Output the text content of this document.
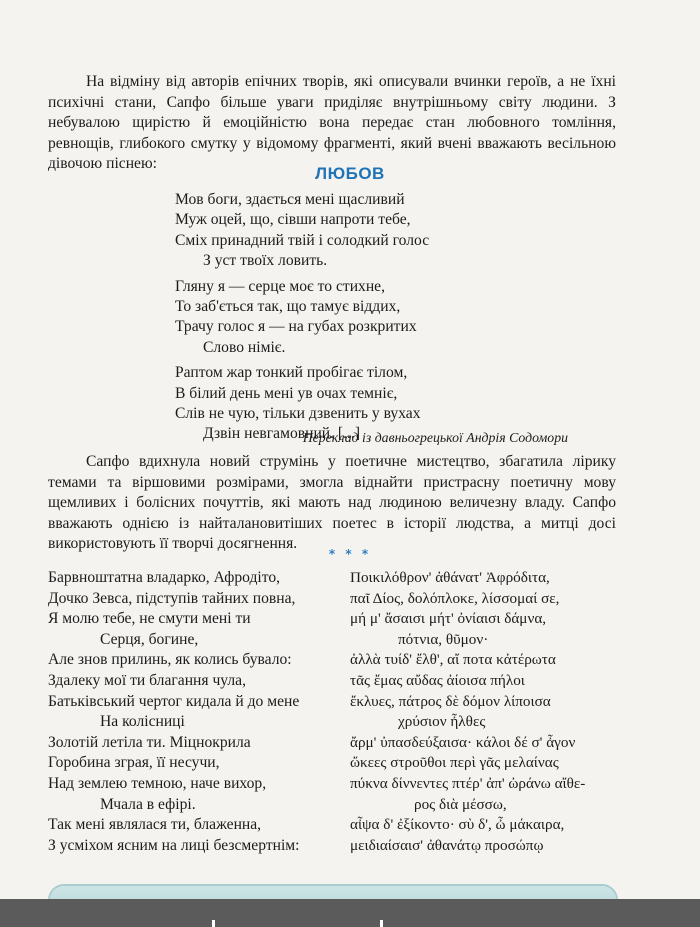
На відміну від авторів епічних творів, які описували вчинки героїв, а не їхні психічні стани, Сапфо більше уваги приділяє внутрішньому світу людини. З небувалою щирістю й емоційністю вона передає стан любовного томління, ревнощів, глибокого смутку у відомому фрагменті, який вчені вважають весільною дівочою піснею:

ЛЮБОВ
Мов боги, здається мені щасливий
Муж оцей, що, сівши напроти тебе,
Сміх принадний твій і солодкий голос
З уст твоїх ловить.
Гляну я — серце моє то стихне,
То заб'ється так, що тамує віддих,
Трачу голос я — на губах розкритих
Слово німіє.
Раптом жар тонкий пробігає тілом,
В білий день мені ув очах темніє,
Слів не чую, тільки дзвенить у вухах
Дзвін невгамовний. [...]
Переклад із давньогрецької Андрія Содомори

Сапфо вдихнула новий струмінь у поетичне мистецтво, збагатила лірику темами та віршовими розмірами, змогла віднайти пристрасну поетичну мову щемливих і болісних почуттів, які мають над людиною величезну владу. Сапфо вважають однією із найталановитіших поетес в історії людства, а митці досі використовують її творчі досягнення.

* * *
Барвноштатна владарко, Афродіто,
Дочко Зевса, підступів тайних повна,
Я молю тебе, не смути мені ти
Серця, богине,
Але знов прилинь, як колись бувало:
Здалеку мої ти благання чула,
Батьківський чертог кидала й до мене
На колісниці
Золотій летіла ти. Міцнокрила
Горобина зграя, її несучи,
Над землею темною, наче вихор,
Мчала в ефірі.
Так мені являлася ти, блаженна,
З усміхом ясним на лиці безсмертнім:
Ποικιλόθρον' ἀθάνατ' Ἀφρόδιτα,
παῖ Δίος, δολόπλοκε, λίσσομαί σε,
μή μ' ἄσαισι μήτ' ὀνίαισι δάμνα,
πότνια, θῦμον·
ἀλλὰ τυίδ' ἔλθ', αἴ ποτα κἀτέρωτα
τᾶς ἔμας αὔδας ἀίοισα πήλοι
ἔκλυες, πάτρος δὲ δόμον λίποισα
χρύσιον ἦλθες
ἄρμ' ὐπασδεύξαισα· κάλοι δέ σ' ἆγον
ὤκεες στροῦθοι περὶ γᾶς μελαίνας
πύκνα δίννεντες πτέρ' ἀπ' ὠράνω αἴθε-
ρος διὰ μέσσω,
αἶψα δ' ἐξίκοντο· σὺ δ', ὦ μάκαιρα,
μειδιαίσαισ' ἀθανάτῳ προσώπῳ
